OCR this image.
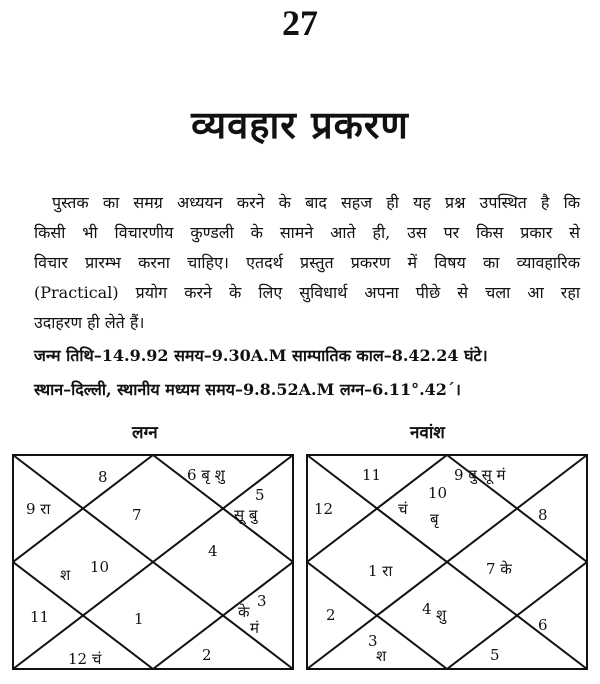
27
व्यवहार प्रकरण
पुस्तक का समग्र अध्ययन करने के बाद सहज ही यह प्रश्न उपस्थित है कि
किसी भी विचारणीय कुण्डली के सामने आते ही, उस पर किस प्रकार से
विचार प्रारम्भ करना चाहिए। एतदर्थ प्रस्तुत प्रकरण में विषय का व्यावहारिक
(Practical) प्रयोग करने के लिए सुविधार्थ अपना पीछे से चला आ रहा
उदाहरण ही लेते हैं।
जन्म तिथि–14.9.92 समय–9.30A.M साम्पातिक काल–8.42.24 घंटे।
स्थान–दिल्ली, स्थानीय मध्यम समय–9.8.52A.M लग्न–6.11°.42´।
लग्न	नवांश
8	6 बृ शु
5
सू बु
9 रा	7
4
10
श
11	1
3
के
मं
12 चं	2
11	9 बु सू मं
12
10
चं
बृ	8
1 रा	7 के
2	4 शु
6
3
श	5
